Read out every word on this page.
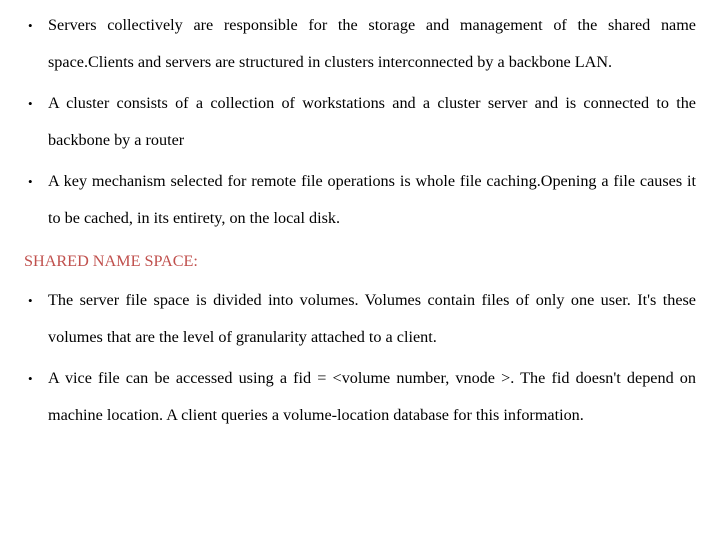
• Servers collectively are responsible for the storage and management of the shared name space.Clients and servers are structured in clusters interconnected by a backbone LAN.
• A cluster consists of a collection of workstations and a cluster server and is connected to the backbone by a router
• A key mechanism selected for remote file operations is whole file caching.Opening a file causes it to be cached, in its entirety, on the local disk.
SHARED NAME SPACE:
• The server file space is divided into volumes. Volumes contain files of only one user. It's these volumes that are the level of granularity attached to a client.
• A vice file can be accessed using a fid = <volume number, vnode >. The fid doesn't depend on machine location. A client queries a volume-location database for this information.
